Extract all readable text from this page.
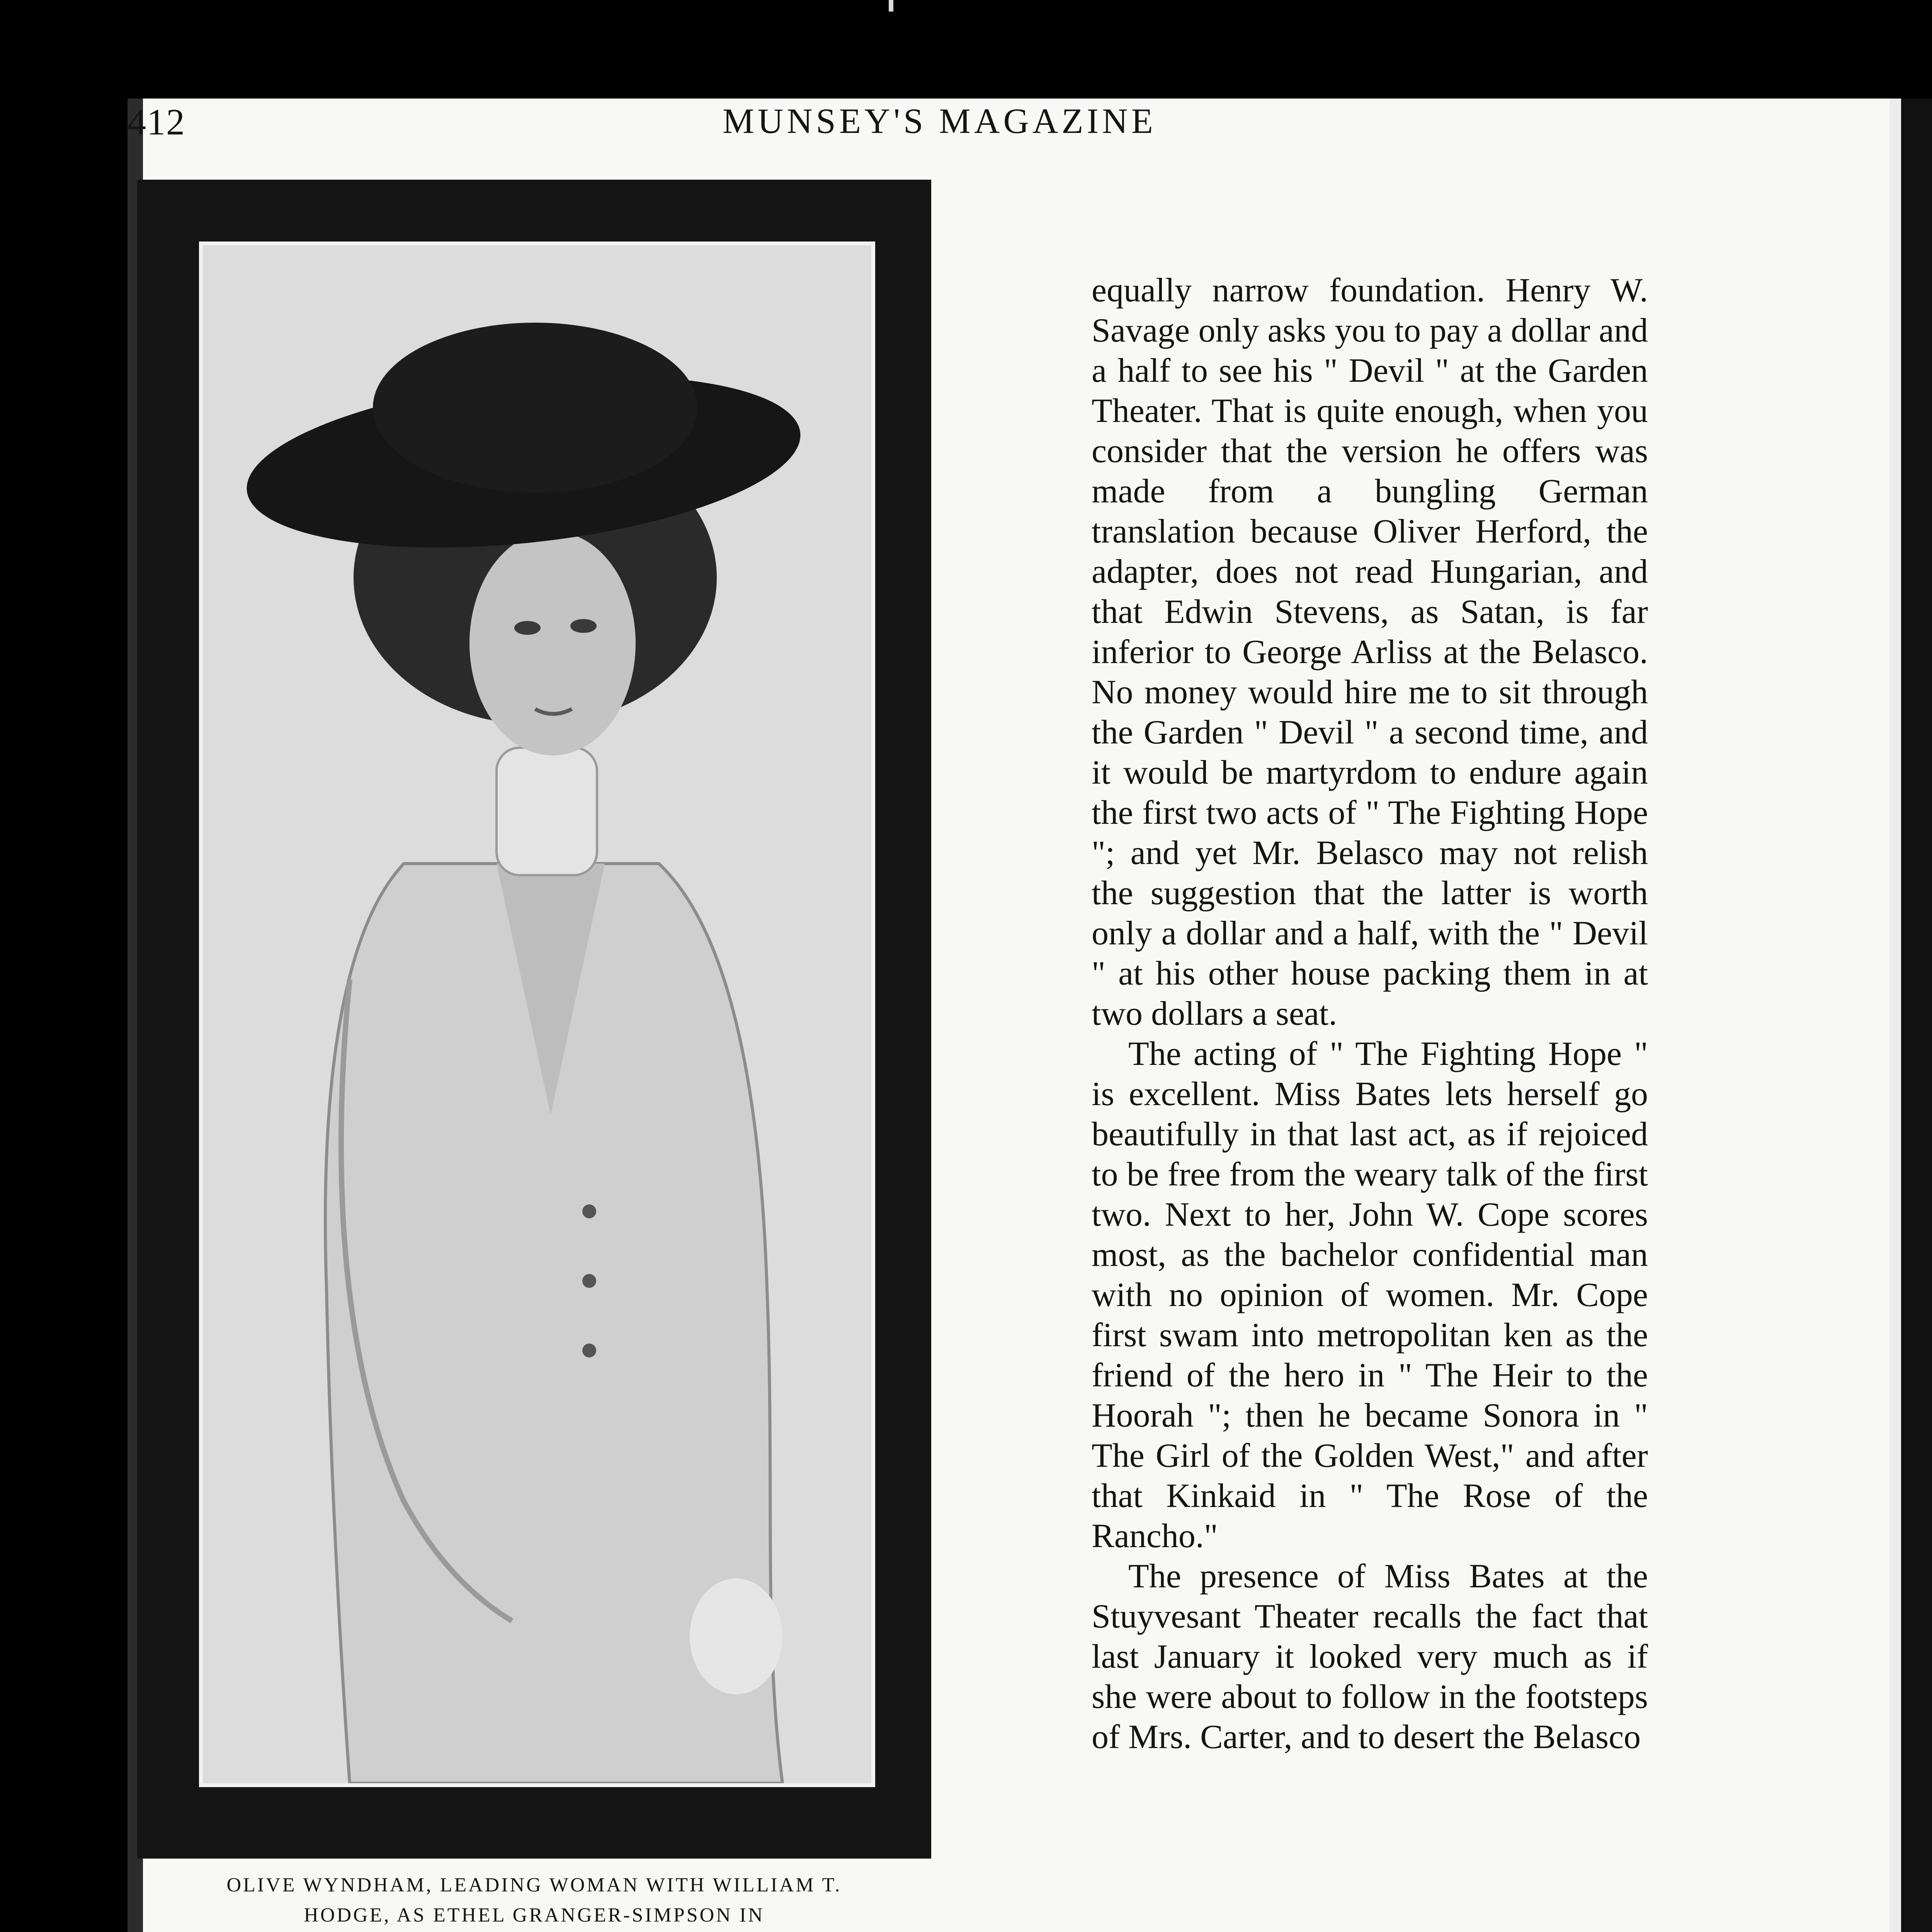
412	MUNSEY'S MAGAZINE

OLIVE WYNDHAM, LEADING WOMAN WITH WILLIAM T.

HODGE, AS ETHEL GRANGER-SIMPSON IN

equally narrow foundation. Henry W. Savage only asks you to pay a dollar and a half to see his " Devil " at the Garden Theater. That is quite enough, when you consider that the version he offers was made from a bungling German translation because Oliver Herford, the adapter, does not read Hungarian, and that Edwin Stevens, as Satan, is far inferior to George Arliss at the Belasco. No money would hire me to sit through the Garden " Devil " a second time, and it would be martyrdom to endure again the first two acts of " The Fighting Hope "; and yet Mr. Belasco may not relish the suggestion that the latter is worth only a dollar and a half, with the " Devil " at his other house packing them in at two dollars a seat.

The acting of " The Fighting Hope " is excellent. Miss Bates lets herself go beautifully in that last act, as if rejoiced to be free from the weary talk of the first two. Next to her, John W. Cope scores most, as the bachelor confidential man with no opinion of women. Mr. Cope first swam into metropolitan ken as the friend of the hero in " The Heir to the Hoorah "; then he became Sonora in " The Girl of the Golden West," and after that Kinkaid in " The Rose of the Rancho."

The presence of Miss Bates at the Stuyvesant Theater recalls the fact that last January it looked very much as if she were about to follow in the footsteps of Mrs. Carter, and to desert the Belasco
